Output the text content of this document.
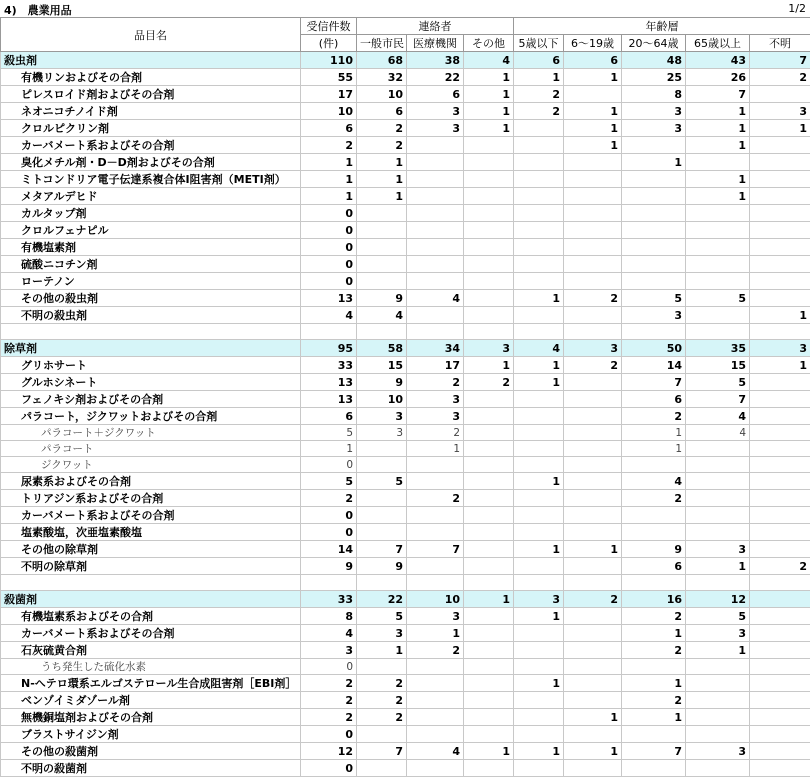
4)　農業用品	1/2
品目名	受信件数	連絡者			年齢層				
	(件)	一般市民	医療機関	その他	5歳以下	6～19歳	20～64歳	65歳以上	不明
殺虫剤	110	68	38	4	6	6	48	43	7
有機リンおよびその合剤	55	32	22	1	1	1	25	26	2
ピレスロイド剤およびその合剤	17	10	6	1	2		8	7	
ネオニコチノイド剤	10	6	3	1	2	1	3	1	3
クロルピクリン剤	6	2	3	1		1	3	1	1
カーバメート系およびその合剤	2	2				1		1	
臭化メチル剤・D－D剤およびその合剤	1	1					1		
ミトコンドリア電子伝達系複合体Ⅰ阻害剤（METI剤）	1	1						1	
メタアルデヒド	1	1						1	
カルタップ剤	0								
クロルフェナピル	0								
有機塩素剤	0								
硫酸ニコチン剤	0								
ローテノン	0								
その他の殺虫剤	13	9	4		1	2	5	5	
不明の殺虫剤	4	4					3		1

除草剤	95	58	34	3	4	3	50	35	3
グリホサート	33	15	17	1	1	2	14	15	1
グルホシネート	13	9	2	2	1		7	5	
フェノキシ剤およびその合剤	13	10	3				6	7	
パラコート，ジクワットおよびその合剤	6	3	3				2	4	
パラコート＋ジクワット	5	3	2				1	4	
パラコート	1		1				1		
ジクワット	0								
尿素系およびその合剤	5	5			1		4		
トリアジン系およびその合剤	2		2				2		
カーバメート系およびその合剤	0								
塩素酸塩，次亜塩素酸塩	0								
その他の除草剤	14	7	7		1	1	9	3	
不明の除草剤	9	9					6	1	2

殺菌剤	33	22	10	1	3	2	16	12	
有機塩素系およびその合剤	8	5	3		1		2	5	
カーバメート系およびその合剤	4	3	1				1	3	
石灰硫黄合剤	3	1	2				2	1	
うち発生した硫化水素	0								
N-ヘテロ環系エルゴステロール生合成阻害剤［EBI剤］	2	2			1		1		
ベンゾイミダゾール剤	2	2					2		
無機銅塩剤およびその合剤	2	2				1	1		
ブラストサイジン剤	0								
その他の殺菌剤	12	7	4	1	1	1	7	3	
不明の殺菌剤	0								
